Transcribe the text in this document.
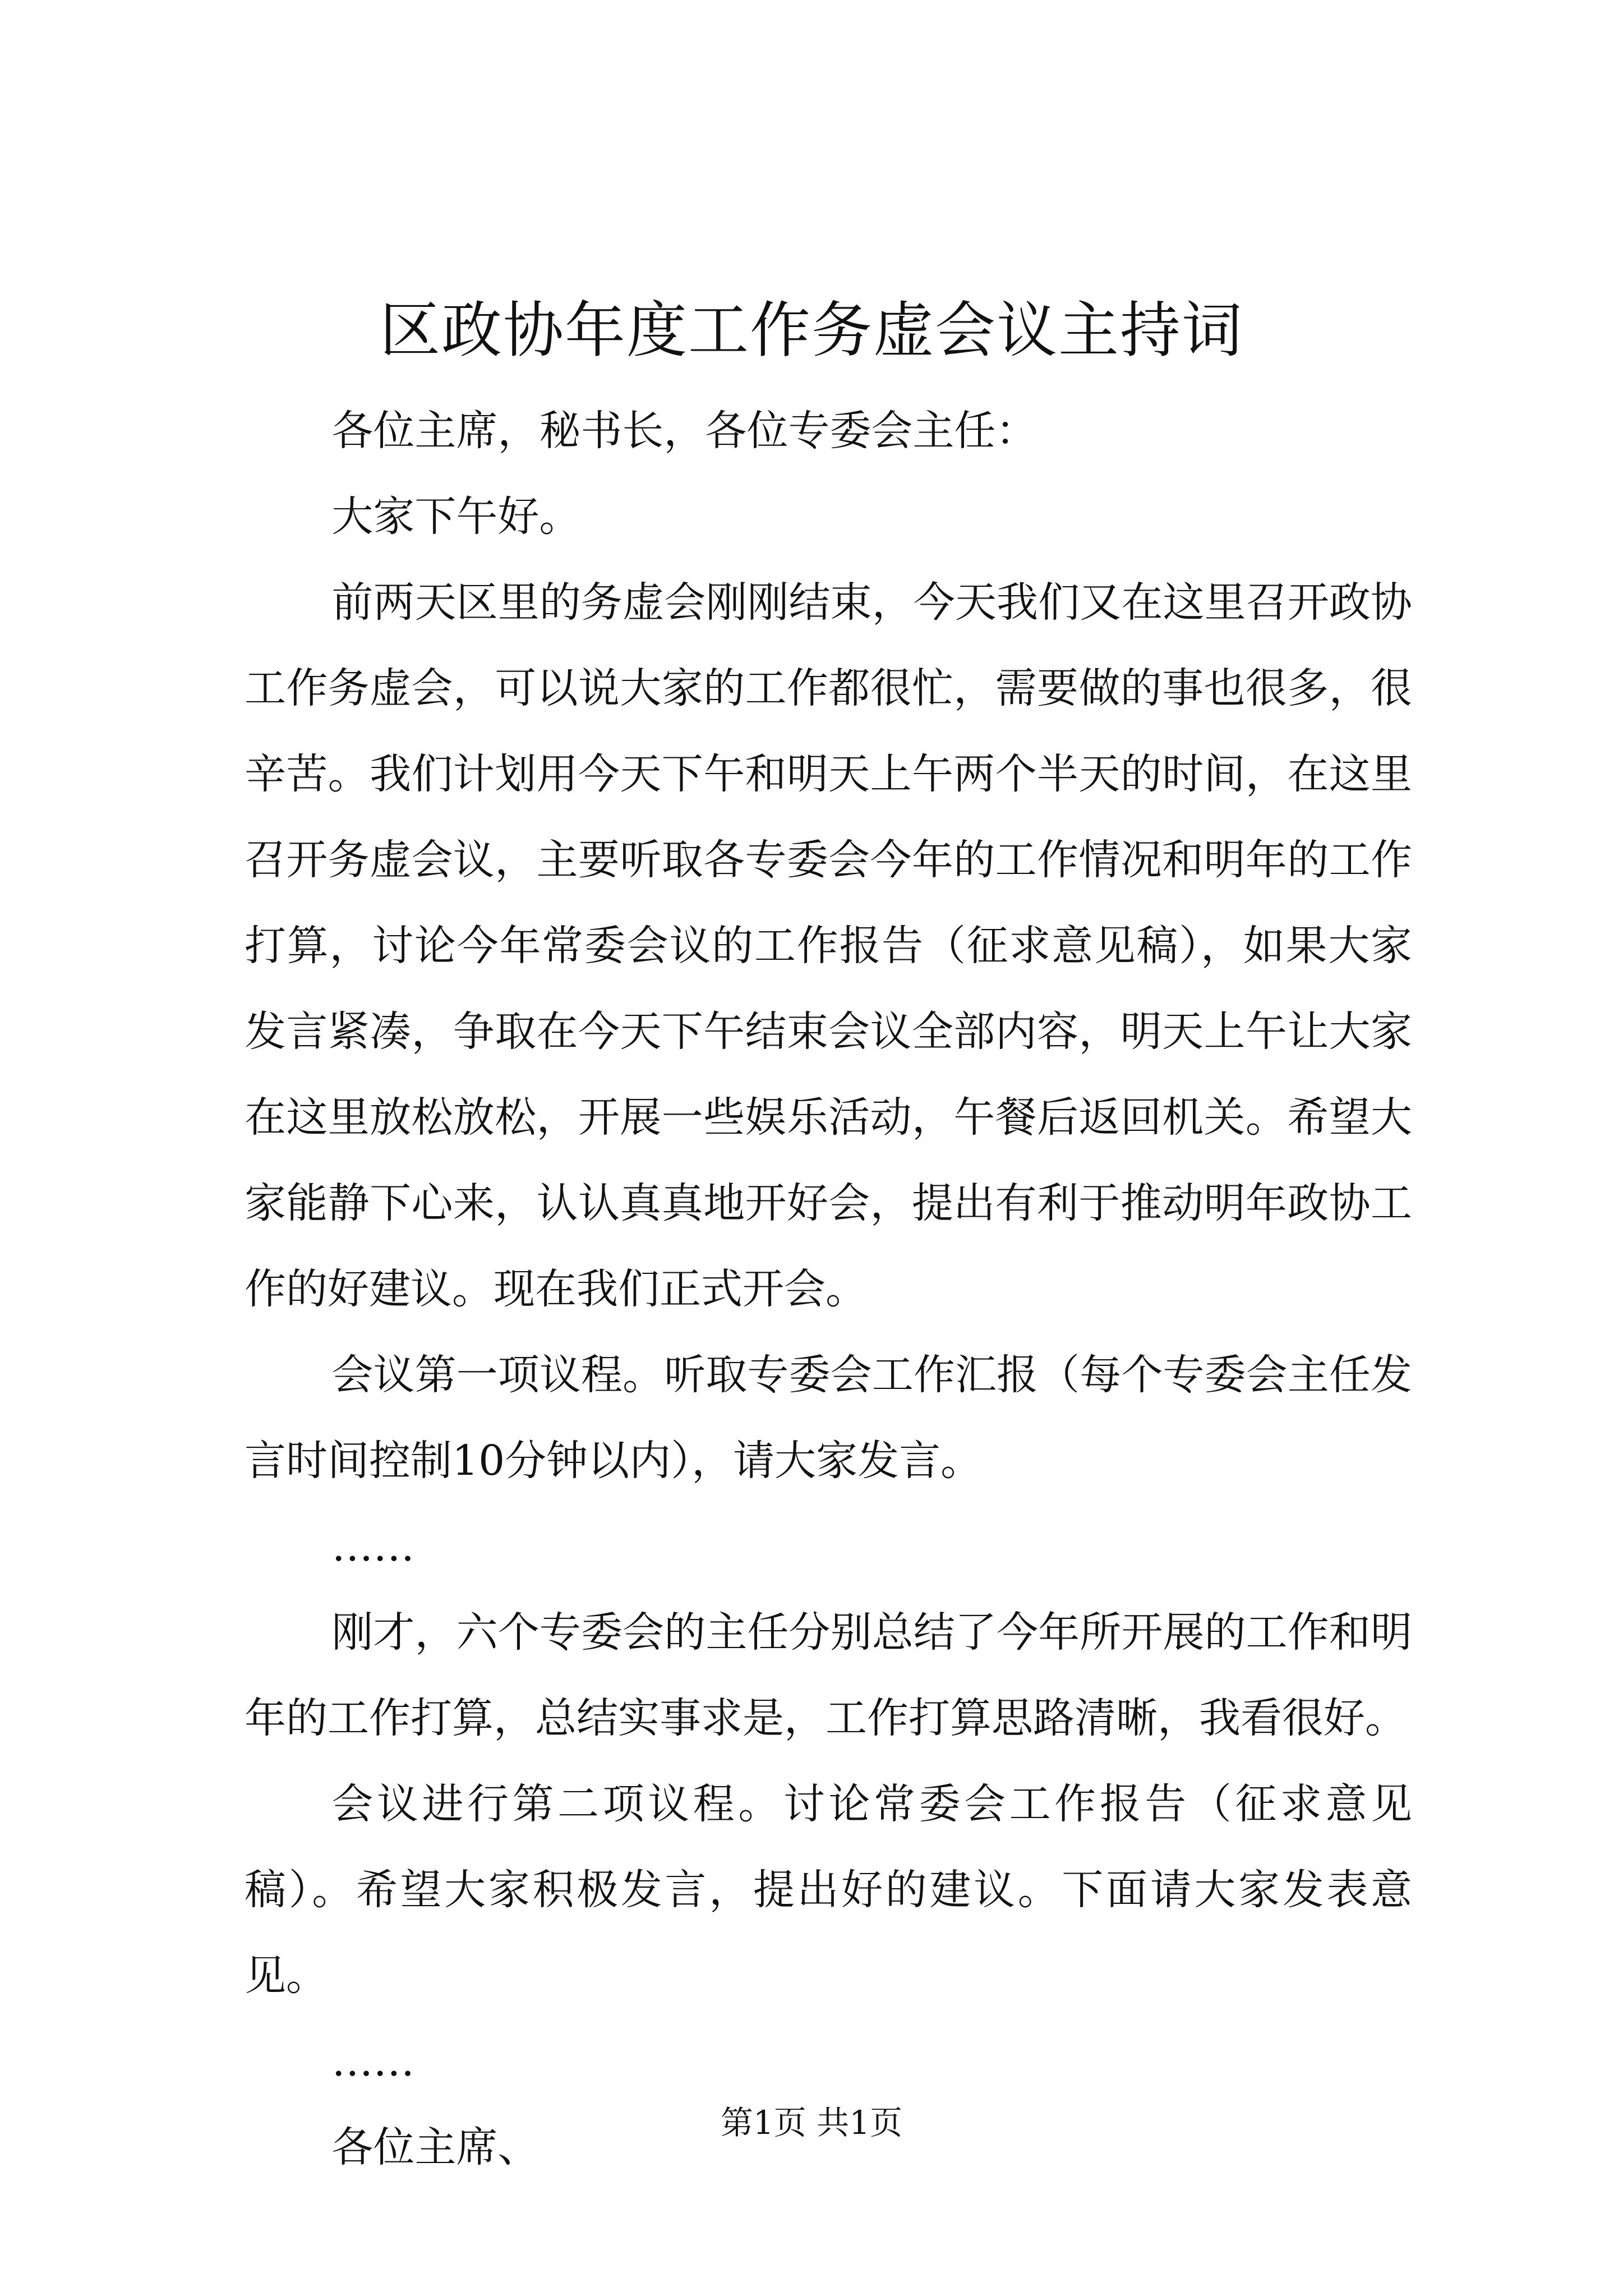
区政协年度工作务虚会议主持词

各位主席，秘书长，各位专委会主任：

大家下午好。

前两天区里的务虚会刚刚结束，今天我们又在这里召开政协工作务虚会，可以说大家的工作都很忙，需要做的事也很多，很辛苦。我们计划用今天下午和明天上午两个半天的时间，在这里召开务虚会议，主要听取各专委会今年的工作情况和明年的工作打算，讨论今年常委会议的工作报告（征求意见稿），如果大家发言紧凑，争取在今天下午结束会议全部内容，明天上午让大家在这里放松放松，开展一些娱乐活动，午餐后返回机关。希望大家能静下心来，认认真真地开好会，提出有利于推动明年政协工作的好建议。现在我们正式开会。

会议第一项议程。听取专委会工作汇报（每个专委会主任发言时间控制10分钟以内），请大家发言。

……

刚才，六个专委会的主任分别总结了今年所开展的工作和明年的工作打算，总结实事求是，工作打算思路清晰，我看很好。

会议进行第二项议程。讨论常委会工作报告（征求意见稿）。希望大家积极发言，提出好的建议。下面请大家发表意见。

……

各位主席、

第1页 共1页
